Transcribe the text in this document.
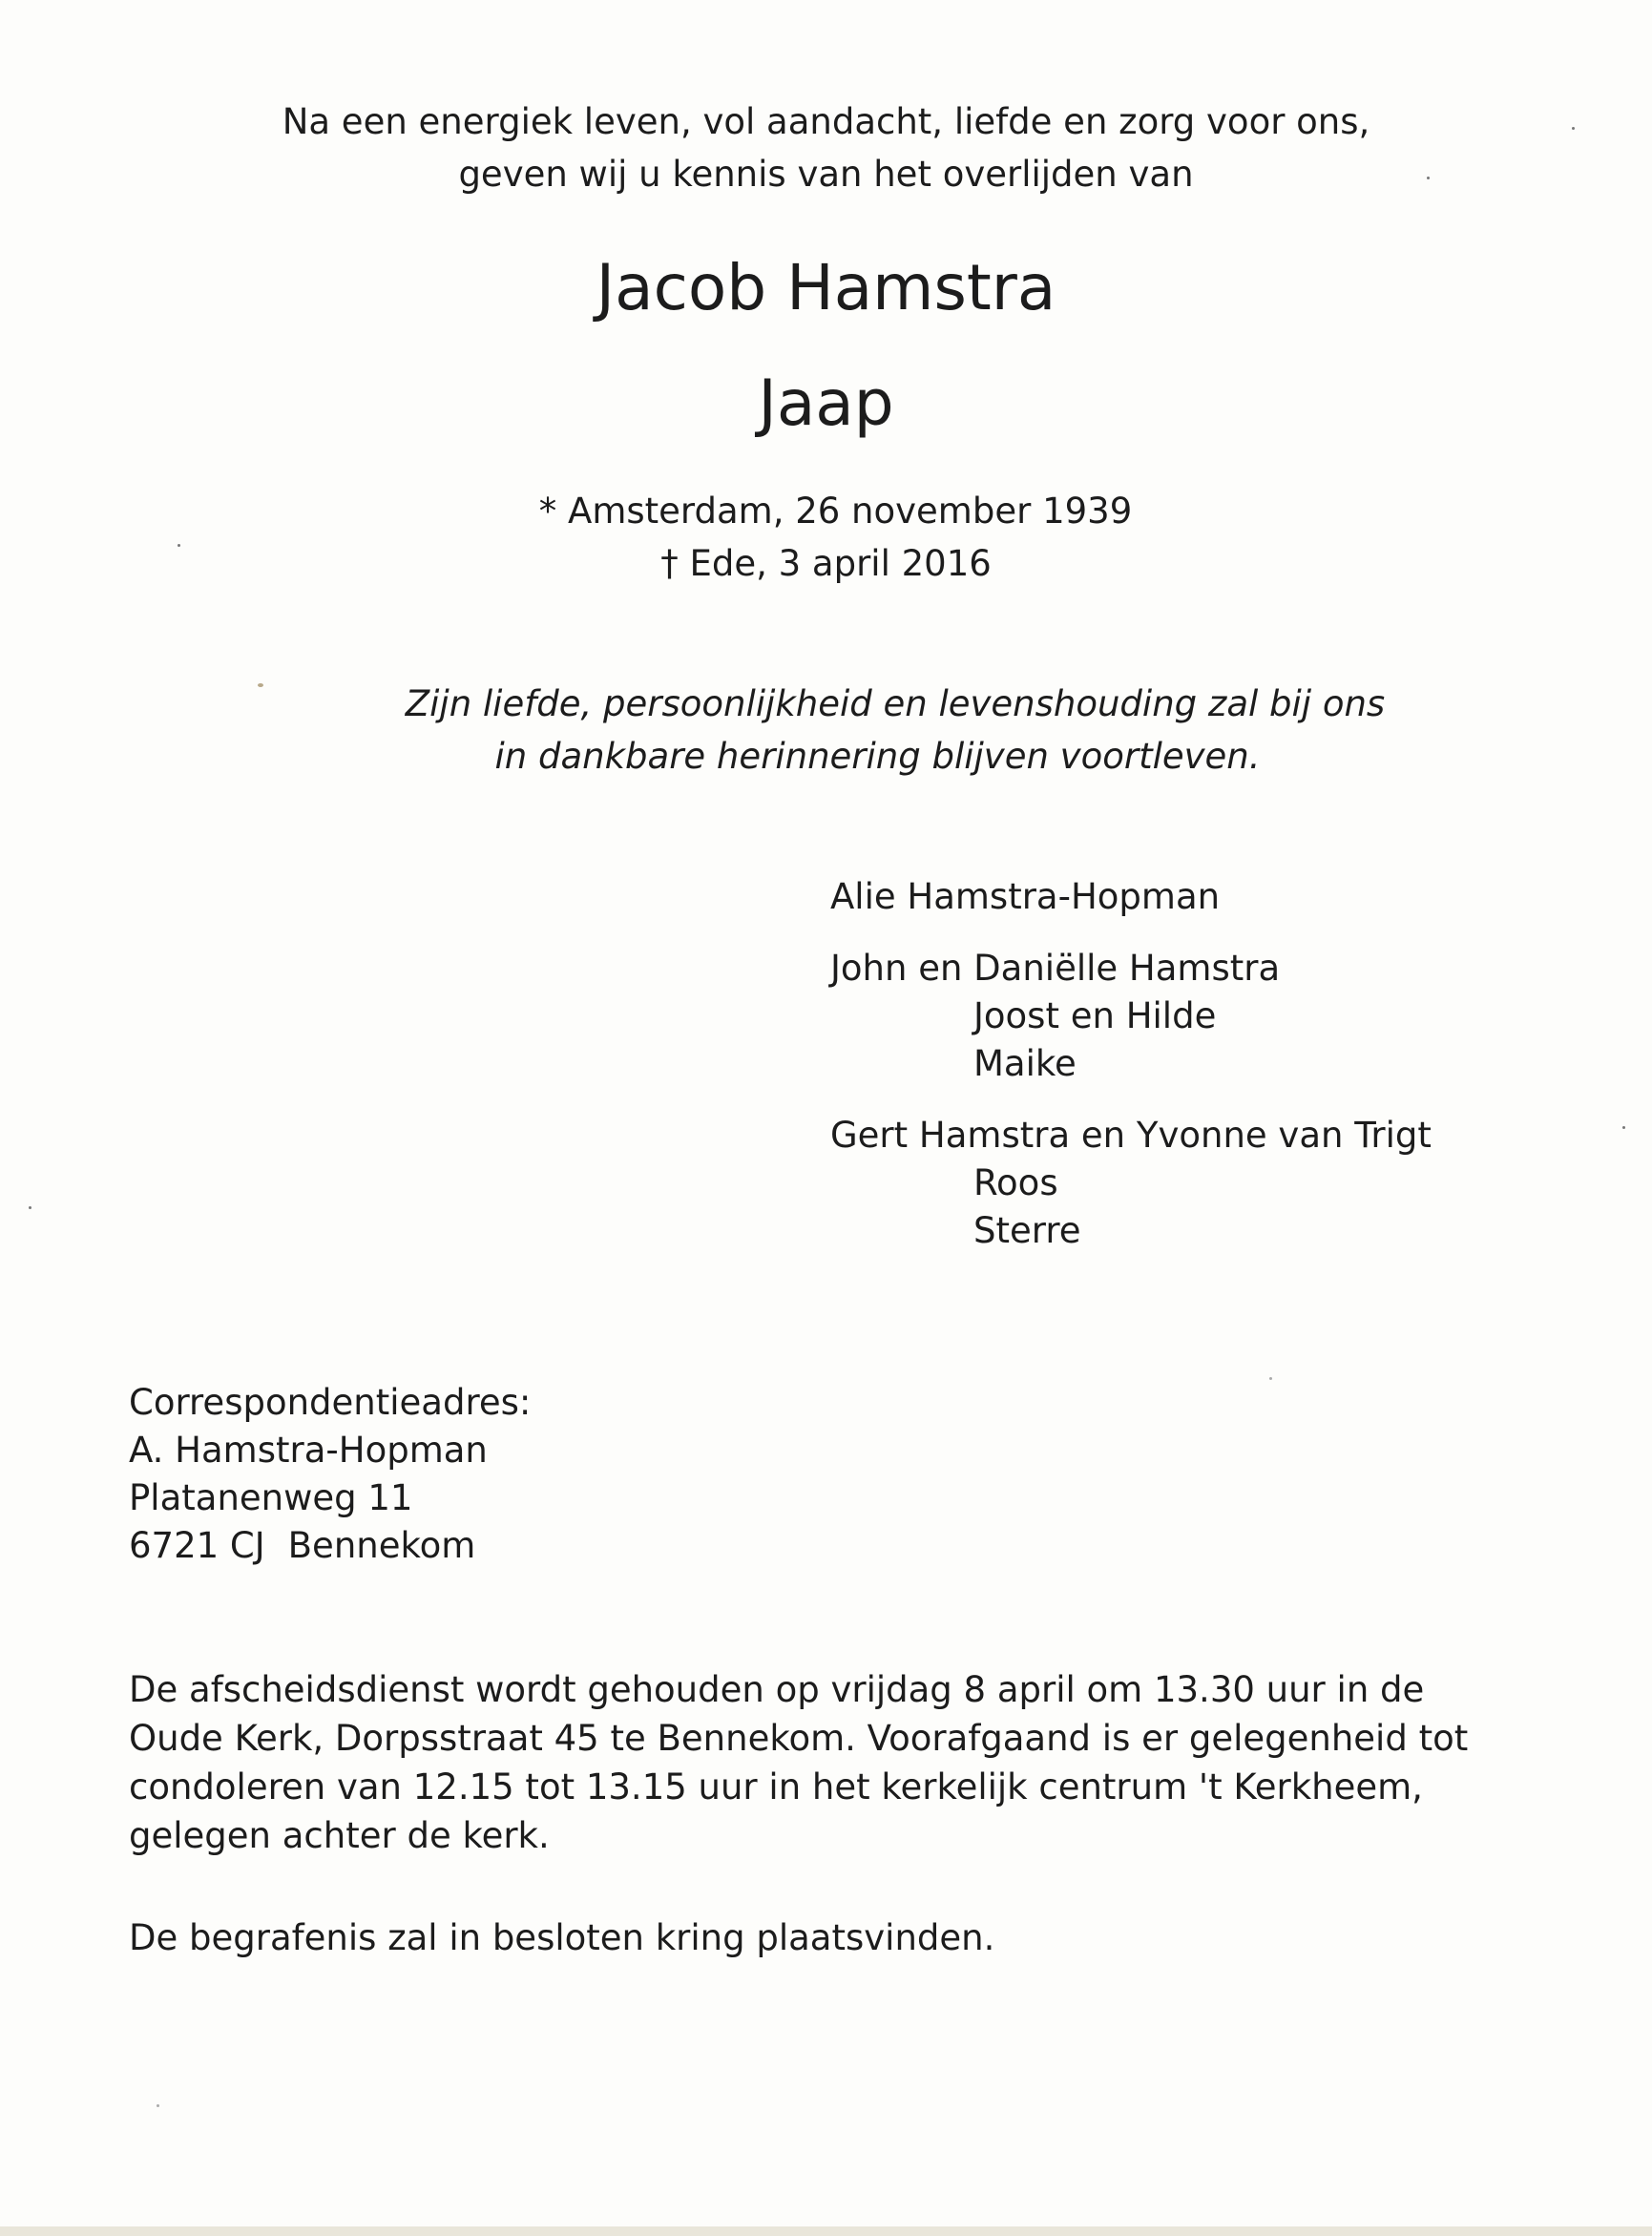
Na een energiek leven, vol aandacht, liefde en zorg voor ons,
geven wij u kennis van het overlijden van
Jacob Hamstra
Jaap
* Amsterdam, 26 november 1939
† Ede, 3 april 2016
Zijn liefde, persoonlijkheid en levenshouding zal bij ons
in dankbare herinnering blijven voortleven.
Alie Hamstra-Hopman
John en Daniëlle Hamstra
Joost en Hilde
Maike
Gert Hamstra en Yvonne van Trigt
Roos
Sterre
Correspondentieadres:
A. Hamstra-Hopman
Platanenweg 11
6721 CJ Bennekom
De afscheidsdienst wordt gehouden op vrijdag 8 april om 13.30 uur in de
Oude Kerk, Dorpsstraat 45 te Bennekom. Voorafgaand is er gelegenheid tot
condoleren van 12.15 tot 13.15 uur in het kerkelijk centrum 't Kerkheem,
gelegen achter de kerk.
De begrafenis zal in besloten kring plaatsvinden.
